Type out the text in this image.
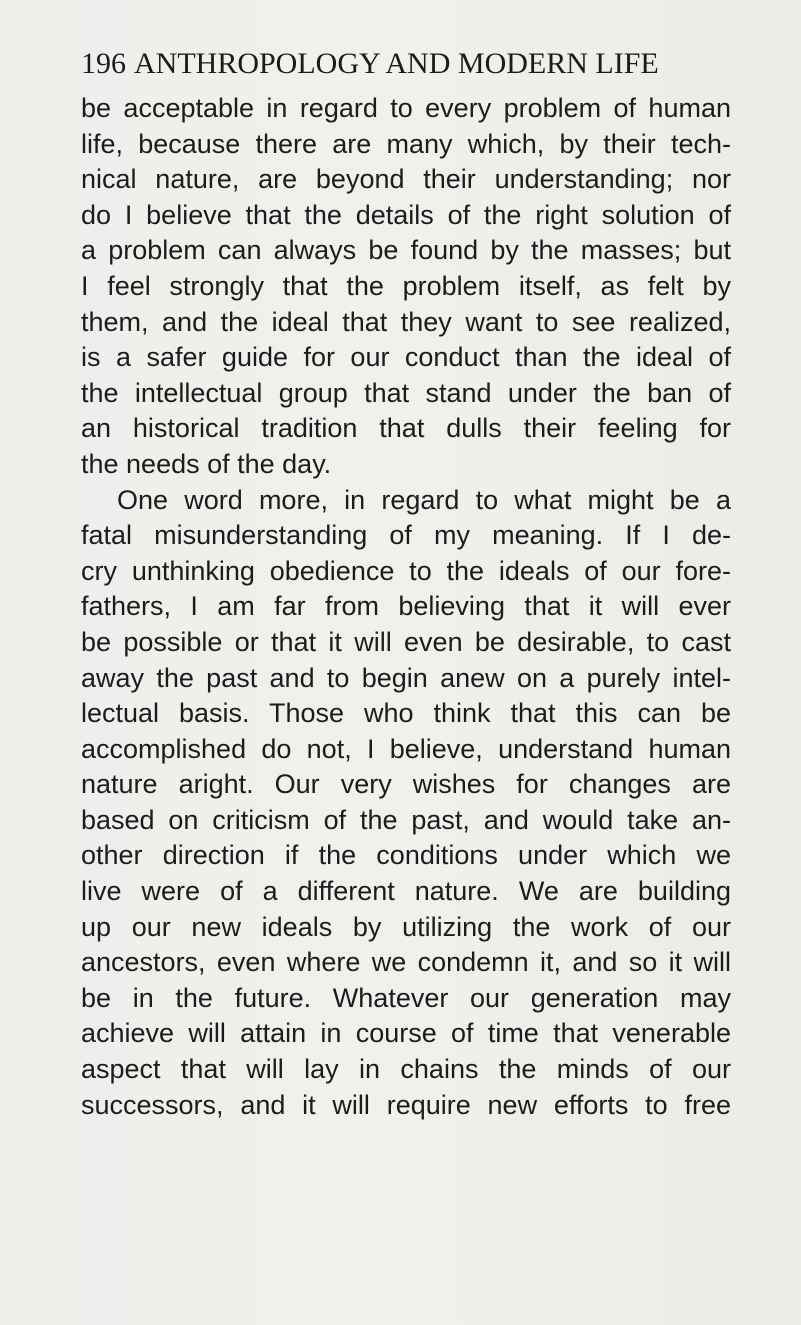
196 ANTHROPOLOGY AND MODERN LIFE
be acceptable in regard to every problem of human
life, because there are many which, by their tech-
nical nature, are beyond their understanding; nor
do I believe that the details of the right solution of
a problem can always be found by the masses; but
I feel strongly that the problem itself, as felt by
them, and the ideal that they want to see realized,
is a safer guide for our conduct than the ideal of
the intellectual group that stand under the ban of
an historical tradition that dulls their feeling for
the needs of the day.
One word more, in regard to what might be a
fatal misunderstanding of my meaning. If I de-
cry unthinking obedience to the ideals of our fore-
fathers, I am far from believing that it will ever
be possible or that it will even be desirable, to cast
away the past and to begin anew on a purely intel-
lectual basis. Those who think that this can be
accomplished do not, I believe, understand human
nature aright. Our very wishes for changes are
based on criticism of the past, and would take an-
other direction if the conditions under which we
live were of a different nature. We are building
up our new ideals by utilizing the work of our
ancestors, even where we condemn it, and so it will
be in the future. Whatever our generation may
achieve will attain in course of time that venerable
aspect that will lay in chains the minds of our
successors, and it will require new efforts to free
